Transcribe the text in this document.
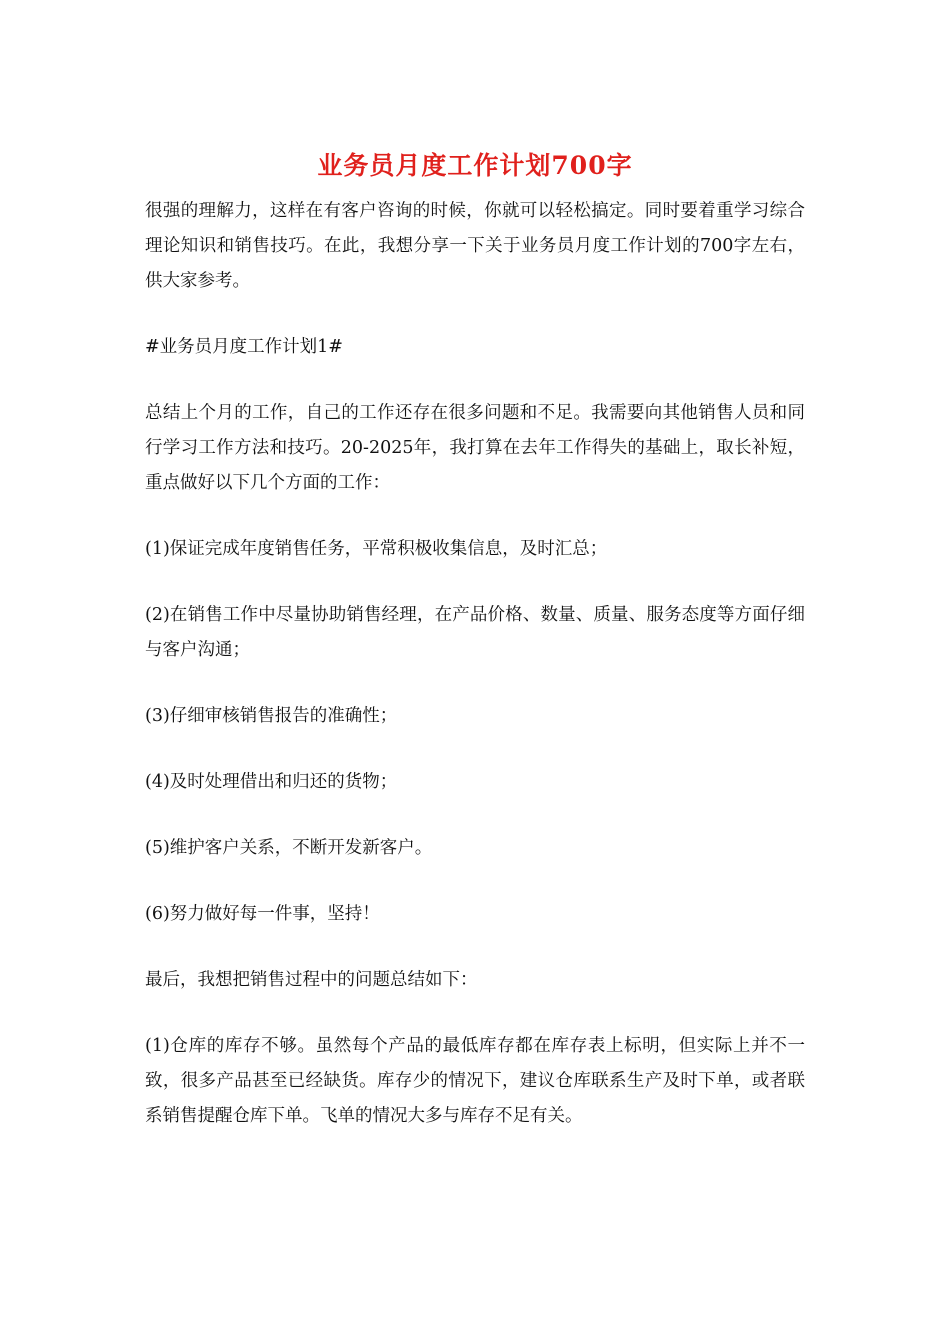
业务员月度工作计划700字

很强的理解力，这样在有客户咨询的时候，你就可以轻松搞定。同时要着重学习综合理论知识和销售技巧。在此，我想分享一下关于业务员月度工作计划的700字左右，供大家参考。

#业务员月度工作计划1#

总结上个月的工作，自己的工作还存在很多问题和不足。我需要向其他销售人员和同行学习工作方法和技巧。20-2025年，我打算在去年工作得失的基础上，取长补短，重点做好以下几个方面的工作：

(1)保证完成年度销售任务，平常积极收集信息，及时汇总；

(2)在销售工作中尽量协助销售经理，在产品价格、数量、质量、服务态度等方面仔细与客户沟通；

(3)仔细审核销售报告的准确性；

(4)及时处理借出和归还的货物；

(5)维护客户关系，不断开发新客户。

(6)努力做好每一件事，坚持！

最后，我想把销售过程中的问题总结如下：

(1)仓库的库存不够。虽然每个产品的最低库存都在库存表上标明，但实际上并不一致，很多产品甚至已经缺货。库存少的情况下，建议仓库联系生产及时下单，或者联系销售提醒仓库下单。飞单的情况大多与库存不足有关。
